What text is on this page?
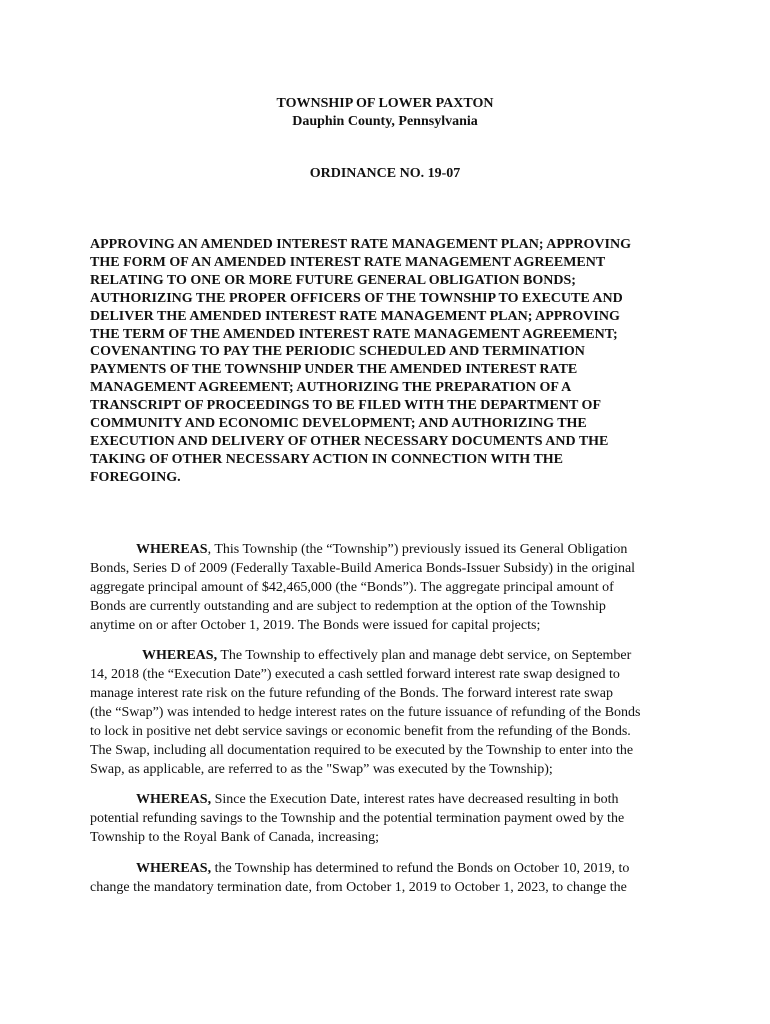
TOWNSHIP OF LOWER PAXTON
Dauphin County, Pennsylvania
ORDINANCE NO. 19-07
APPROVING AN AMENDED INTEREST RATE MANAGEMENT PLAN; APPROVING
THE FORM OF AN AMENDED INTEREST RATE MANAGEMENT AGREEMENT
RELATING TO ONE OR MORE FUTURE GENERAL OBLIGATION BONDS;
AUTHORIZING THE PROPER OFFICERS OF THE TOWNSHIP TO EXECUTE AND
DELIVER THE AMENDED INTEREST RATE MANAGEMENT PLAN; APPROVING
THE TERM OF THE AMENDED INTEREST RATE MANAGEMENT AGREEMENT;
COVENANTING TO PAY THE PERIODIC SCHEDULED AND TERMINATION
PAYMENTS OF THE TOWNSHIP UNDER THE AMENDED INTEREST RATE
MANAGEMENT AGREEMENT; AUTHORIZING THE PREPARATION OF A
TRANSCRIPT OF PROCEEDINGS TO BE FILED WITH THE DEPARTMENT OF
COMMUNITY AND ECONOMIC DEVELOPMENT; AND AUTHORIZING THE
EXECUTION AND DELIVERY OF OTHER NECESSARY DOCUMENTS AND THE
TAKING OF OTHER NECESSARY ACTION IN CONNECTION WITH THE
FOREGOING.
WHEREAS, This Township (the “Township”) previously issued its General Obligation
Bonds, Series D of 2009 (Federally Taxable-Build America Bonds-Issuer Subsidy) in the original
aggregate principal amount of $42,465,000 (the “Bonds”). The aggregate principal amount of
Bonds are currently outstanding and are subject to redemption at the option of the Township
anytime on or after October 1, 2019. The Bonds were issued for capital projects;
WHEREAS, The Township to effectively plan and manage debt service, on September
14, 2018 (the “Execution Date”) executed a cash settled forward interest rate swap designed to
manage interest rate risk on the future refunding of the Bonds. The forward interest rate swap
(the “Swap”) was intended to hedge interest rates on the future issuance of refunding of the Bonds
to lock in positive net debt service savings or economic benefit from the refunding of the Bonds.
The Swap, including all documentation required to be executed by the Township to enter into the
Swap, as applicable, are referred to as the "Swap” was executed by the Township);
WHEREAS, Since the Execution Date, interest rates have decreased resulting in both
potential refunding savings to the Township and the potential termination payment owed by the
Township to the Royal Bank of Canada, increasing;
WHEREAS, the Township has determined to refund the Bonds on October 10, 2019, to
change the mandatory termination date, from October 1, 2019 to October 1, 2023, to change the
